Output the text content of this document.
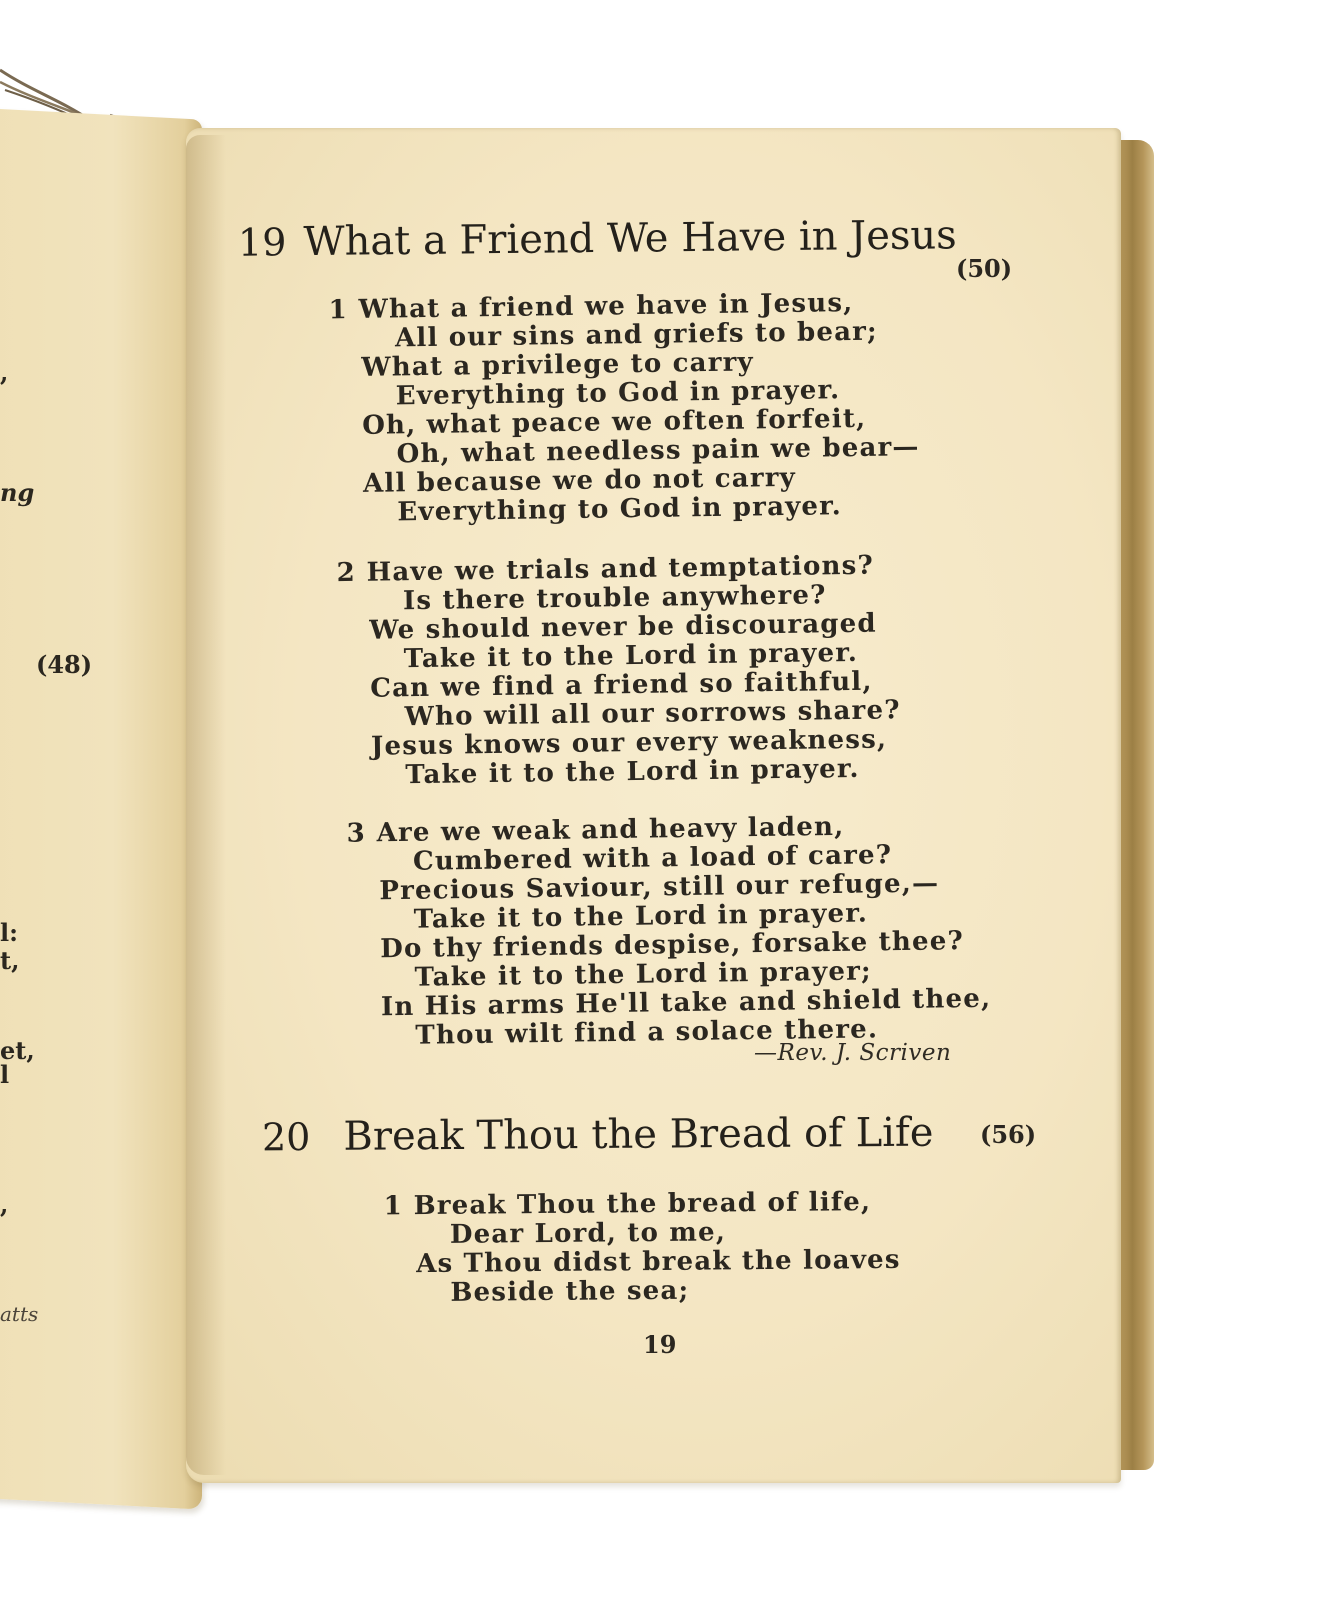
,
ng
(48)
l:
t,
et,
l
,
atts
19 What a Friend We Have in Jesus
(50)
1 What a friend we have in Jesus,
All our sins and griefs to bear;
What a privilege to carry
Everything to God in prayer.
Oh, what peace we often forfeit,
Oh, what needless pain we bear—
All because we do not carry
Everything to God in prayer.
2 Have we trials and temptations?
Is there trouble anywhere?
We should never be discouraged
Take it to the Lord in prayer.
Can we find a friend so faithful,
Who will all our sorrows share?
Jesus knows our every weakness,
Take it to the Lord in prayer.
3 Are we weak and heavy laden,
Cumbered with a load of care?
Precious Saviour, still our refuge,—
Take it to the Lord in prayer.
Do thy friends despise, forsake thee?
Take it to the Lord in prayer;
In His arms He'll take and shield thee,
Thou wilt find a solace there.
—Rev. J. Scriven
20 Break Thou the Bread of Life (56)
1 Break Thou the bread of life,
Dear Lord, to me,
As Thou didst break the loaves
Beside the sea;
19
